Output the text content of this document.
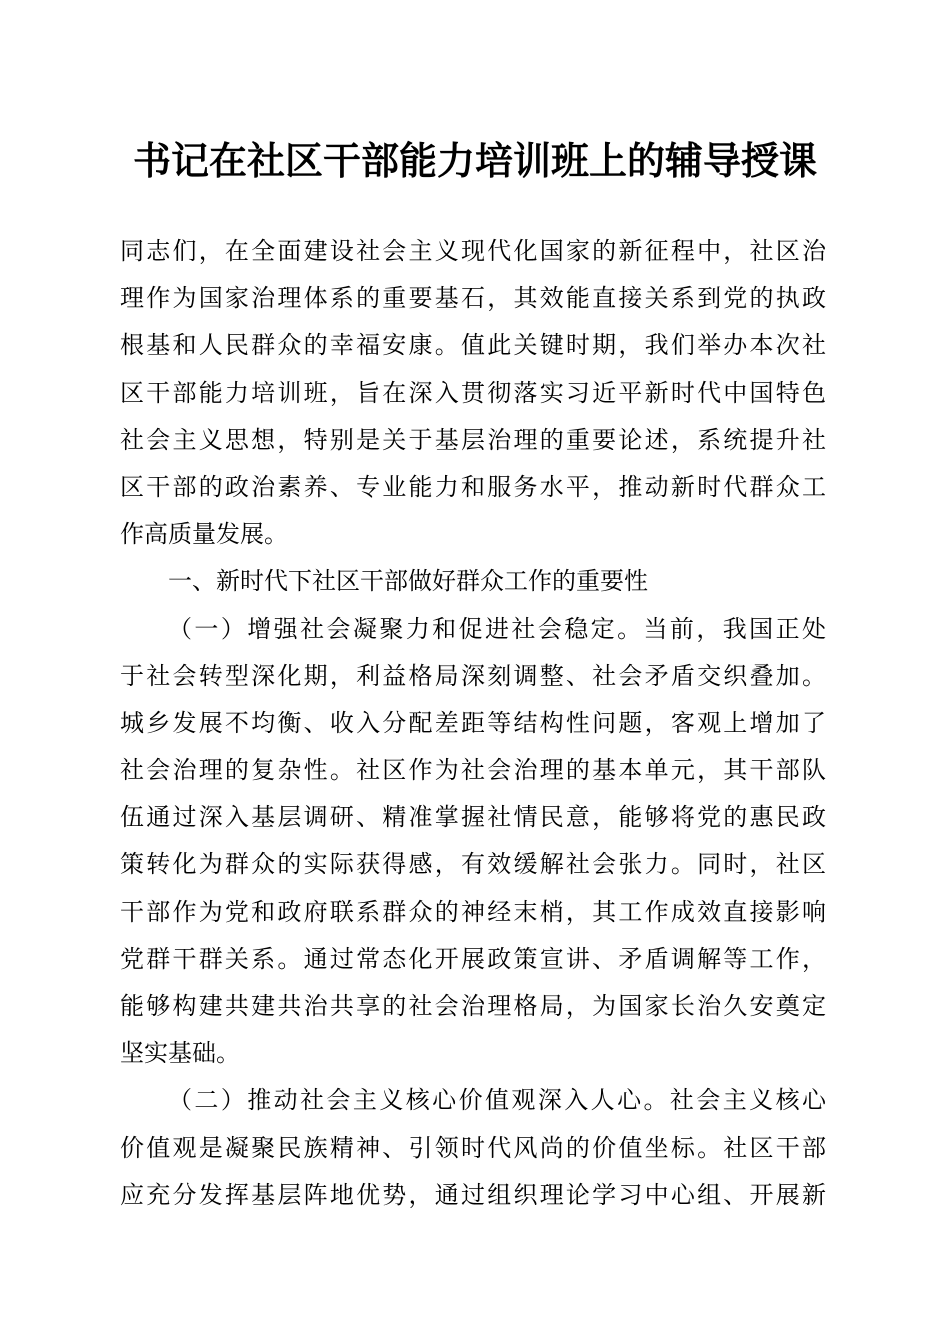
书记在社区干部能力培训班上的辅导授课
同志们，在全面建设社会主义现代化国家的新征程中，社区治
理作为国家治理体系的重要基石，其效能直接关系到党的执政
根基和人民群众的幸福安康。值此关键时期，我们举办本次社
区干部能力培训班，旨在深入贯彻落实习近平新时代中国特色
社会主义思想，特别是关于基层治理的重要论述，系统提升社
区干部的政治素养、专业能力和服务水平，推动新时代群众工
作高质量发展。
一、新时代下社区干部做好群众工作的重要性
（一）增强社会凝聚力和促进社会稳定。当前，我国正处
于社会转型深化期，利益格局深刻调整、社会矛盾交织叠加。
城乡发展不均衡、收入分配差距等结构性问题，客观上增加了
社会治理的复杂性。社区作为社会治理的基本单元，其干部队
伍通过深入基层调研、精准掌握社情民意，能够将党的惠民政
策转化为群众的实际获得感，有效缓解社会张力。同时，社区
干部作为党和政府联系群众的神经末梢，其工作成效直接影响
党群干群关系。通过常态化开展政策宣讲、矛盾调解等工作，
能够构建共建共治共享的社会治理格局，为国家长治久安奠定
坚实基础。
（二）推动社会主义核心价值观深入人心。社会主义核心
价值观是凝聚民族精神、引领时代风尚的价值坐标。社区干部
应充分发挥基层阵地优势，通过组织理论学习中心组、开展新
